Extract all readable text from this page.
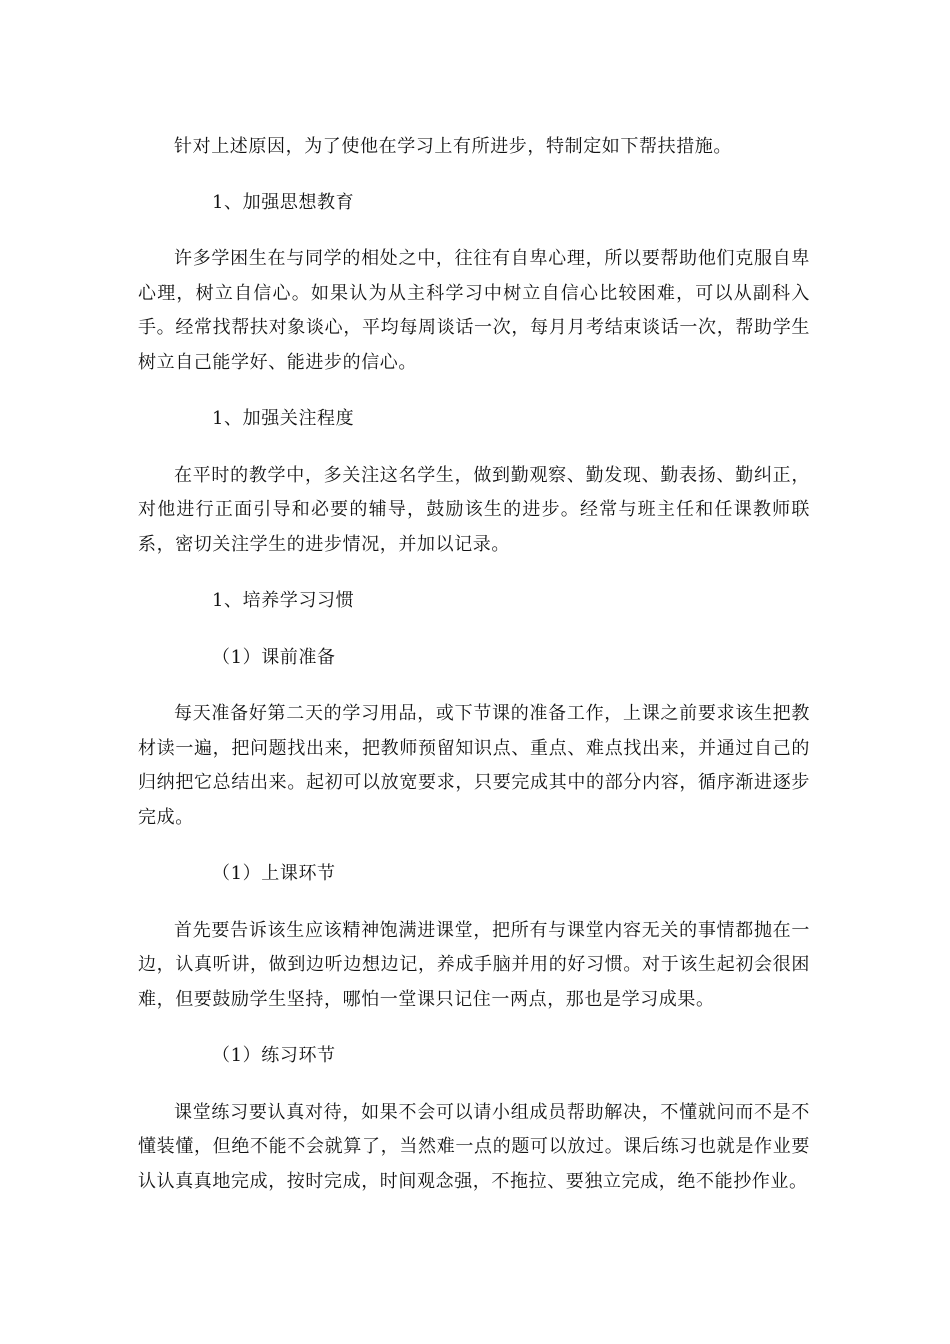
针对上述原因，为了使他在学习上有所进步，特制定如下帮扶措施。

1、加强思想教育

许多学困生在与同学的相处之中，往往有自卑心理，所以要帮助他们克服自卑心理，树立自信心。如果认为从主科学习中树立自信心比较困难，可以从副科入手。经常找帮扶对象谈心，平均每周谈话一次，每月月考结束谈话一次，帮助学生树立自己能学好、能进步的信心。

1、加强关注程度

在平时的教学中，多关注这名学生，做到勤观察、勤发现、勤表扬、勤纠正，对他进行正面引导和必要的辅导，鼓励该生的进步。经常与班主任和任课教师联系，密切关注学生的进步情况，并加以记录。

1、培养学习习惯

（1）课前准备

每天准备好第二天的学习用品，或下节课的准备工作，上课之前要求该生把教材读一遍，把问题找出来，把教师预留知识点、重点、难点找出来，并通过自己的归纳把它总结出来。起初可以放宽要求，只要完成其中的部分内容，循序渐进逐步完成。

（1）上课环节

首先要告诉该生应该精神饱满进课堂，把所有与课堂内容无关的事情都抛在一边，认真听讲，做到边听边想边记，养成手脑并用的好习惯。对于该生起初会很困难，但要鼓励学生坚持，哪怕一堂课只记住一两点，那也是学习成果。

（1）练习环节

课堂练习要认真对待，如果不会可以请小组成员帮助解决，不懂就问而不是不懂装懂，但绝不能不会就算了，当然难一点的题可以放过。课后练习也就是作业要认认真真地完成，按时完成，时间观念强，不拖拉、要独立完成，绝不能抄作业。
